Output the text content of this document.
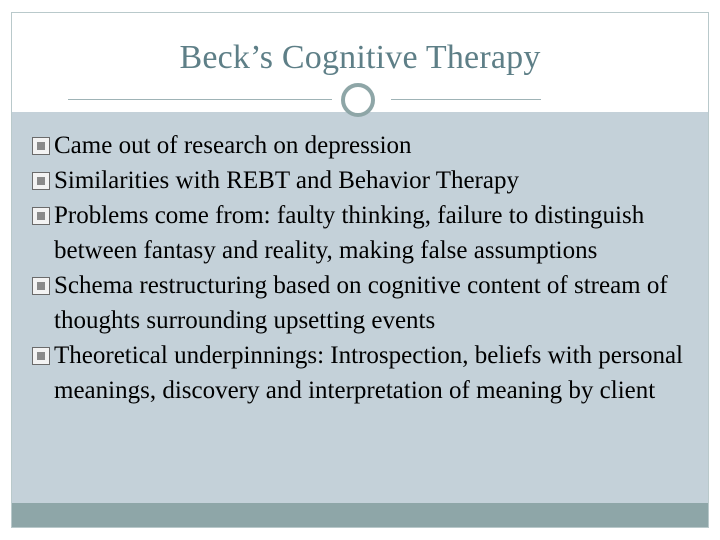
Beck’s Cognitive Therapy
Came out of research on depression
Similarities with REBT and Behavior Therapy
Problems come from: faulty thinking, failure to distinguish between fantasy and reality, making false assumptions
Schema restructuring based on cognitive content of stream of thoughts surrounding upsetting events
Theoretical underpinnings: Introspection, beliefs with personal meanings, discovery and interpretation of meaning by client
